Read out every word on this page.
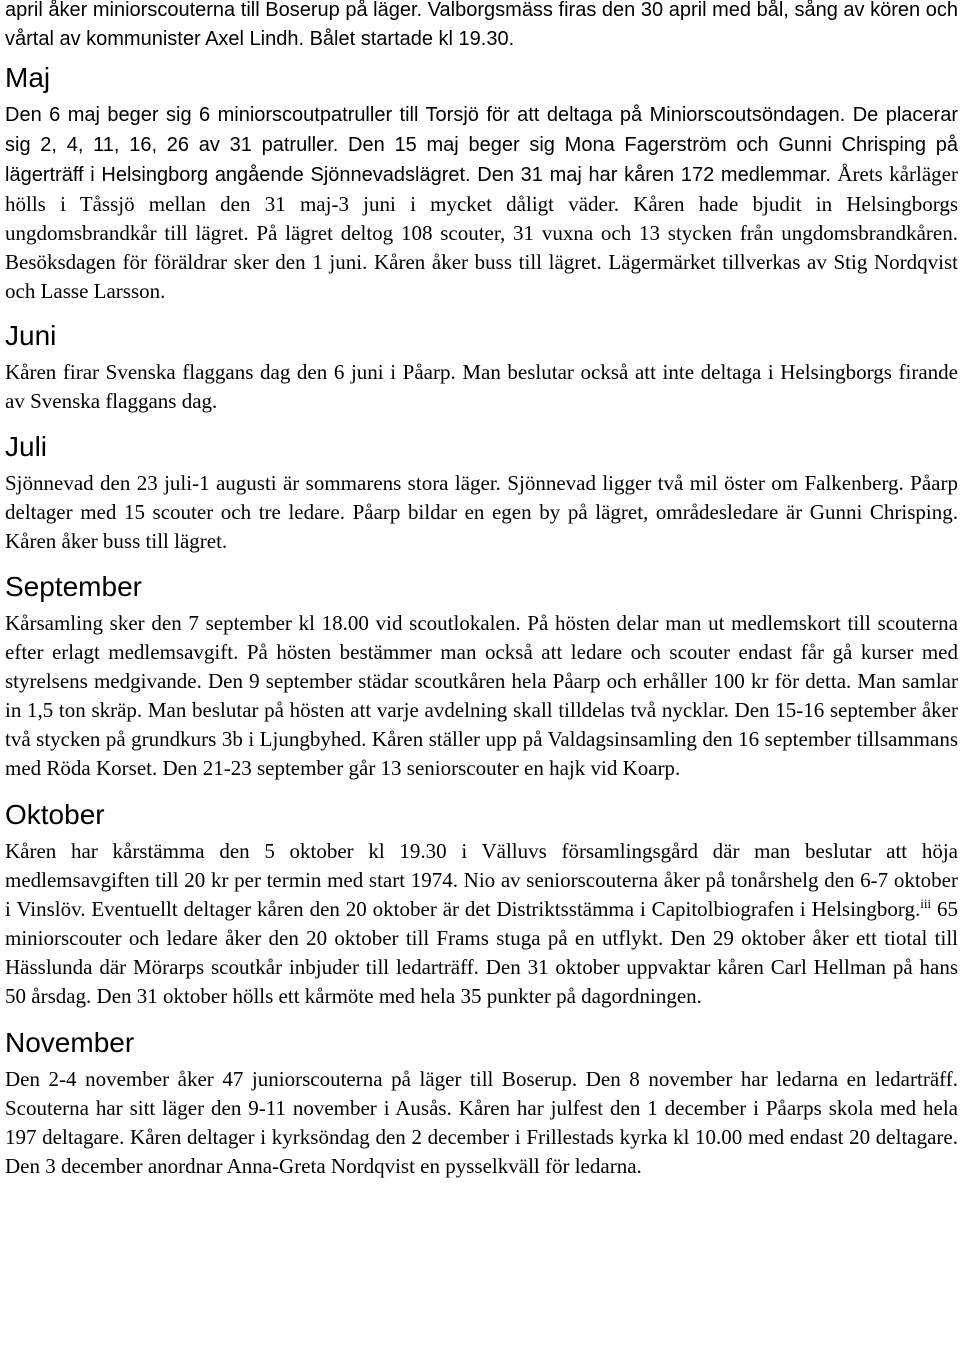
april åker miniorscouterna till Boserup på läger. Valborgsmäss firas den 30 april med bål, sång av kören och vårtal av kommunister Axel Lindh. Bålet startade kl 19.30.

Maj

Den 6 maj beger sig 6 miniorscoutpatruller till Torsjö för att deltaga på Miniorscoutsöndagen. De placerar sig 2, 4, 11, 16, 26 av 31 patruller. Den 15 maj beger sig Mona Fagerström och Gunni Chrisping på lägerträff i Helsingborg angående Sjönnevadslägret. Den 31 maj har kåren 172 medlemmar. Årets kårläger hölls i Tåssjö mellan den 31 maj-3 juni i mycket dåligt väder. Kåren hade bjudit in Helsingborgs ungdomsbrandkår till lägret. På lägret deltog 108 scouter, 31 vuxna och 13 stycken från ungdomsbrandkåren. Besöksdagen för föräldrar sker den 1 juni. Kåren åker buss till lägret. Lägermärket tillverkas av Stig Nordqvist och Lasse Larsson.

Juni

Kåren firar Svenska flaggans dag den 6 juni i Påarp. Man beslutar också att inte deltaga i Helsingborgs firande av Svenska flaggans dag.

Juli

Sjönnevad den 23 juli-1 augusti är sommarens stora läger. Sjönnevad ligger två mil öster om Falkenberg. Påarp deltager med 15 scouter och tre ledare. Påarp bildar en egen by på lägret, områdesledare är Gunni Chrisping. Kåren åker buss till lägret.

September

Kårsamling sker den 7 september kl 18.00 vid scoutlokalen. På hösten delar man ut medlemskort till scouterna efter erlagt medlemsavgift. På hösten bestämmer man också att ledare och scouter endast får gå kurser med styrelsens medgivande. Den 9 september städar scoutkåren hela Påarp och erhåller 100 kr för detta. Man samlar in 1,5 ton skräp. Man beslutar på hösten att varje avdelning skall tilldelas två nycklar. Den 15-16 september åker två stycken på grundkurs 3b i Ljungbyhed. Kåren ställer upp på Valdagsinsamling den 16 september tillsammans med Röda Korset. Den 21-23 september går 13 seniorscouter en hajk vid Koarp.

Oktober

Kåren har kårstämma den 5 oktober kl 19.30 i Välluvs församlingsgård där man beslutar att höja medlemsavgiften till 20 kr per termin med start 1974. Nio av seniorscouterna åker på tonårshelg den 6-7 oktober i Vinslöv. Eventuellt deltager kåren den 20 oktober är det Distriktsstämma i Capitolbiografen i Helsingborg.$^{iii}$ 65 miniorscouter och ledare åker den 20 oktober till Frams stuga på en utflykt. Den 29 oktober åker ett tiotal till Hässlunda där Mörarps scoutkår inbjuder till ledarträff. Den 31 oktober uppvaktar kåren Carl Hellman på hans 50 årsdag. Den 31 oktober hölls ett kårmöte med hela 35 punkter på dagordningen.

November

Den 2-4 november åker 47 juniorscouterna på läger till Boserup. Den 8 november har ledarna en ledarträff. Scouterna har sitt läger den 9-11 november i Ausås. Kåren har julfest den 1 december i Påarps skola med hela 197 deltagare. Kåren deltager i kyrksöndag den 2 december i Frillestads kyrka kl 10.00 med endast 20 deltagare. Den 3 december anordnar Anna-Greta Nordqvist en pysselkväll för ledarna.
